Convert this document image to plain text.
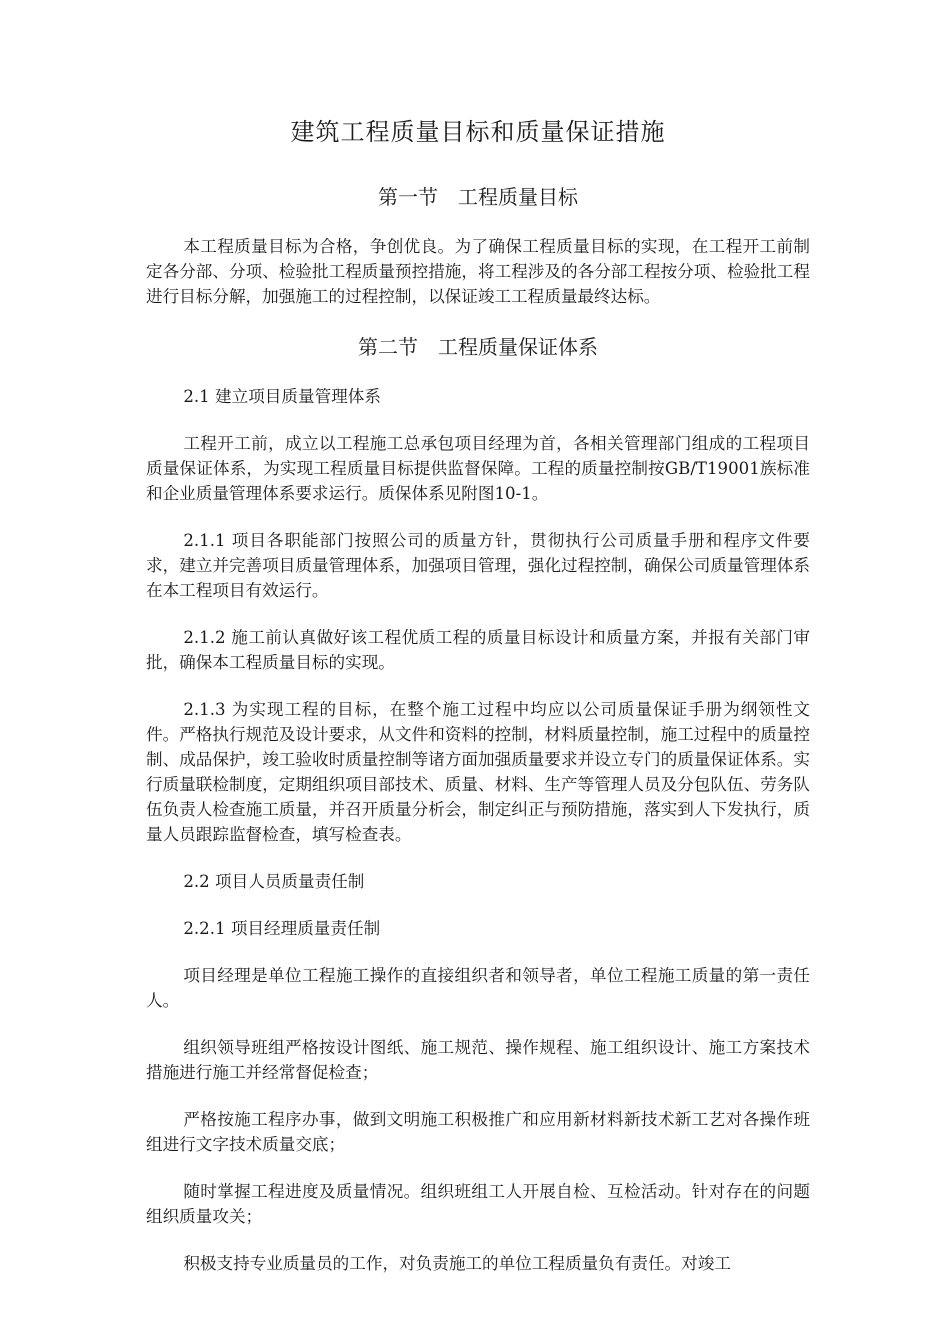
建筑工程质量目标和质量保证措施
第一节　工程质量目标

本工程质量目标为合格，争创优良。为了确保工程质量目标的实现，在工程开工前制定各分部、分项、检验批工程质量预控措施，将工程涉及的各分部工程按分项、检验批工程进行目标分解，加强施工的过程控制，以保证竣工工程质量最终达标。

第二节　工程质量保证体系

2.1 建立项目质量管理体系

工程开工前，成立以工程施工总承包项目经理为首，各相关管理部门组成的工程项目质量保证体系，为实现工程质量目标提供监督保障。工程的质量控制按GB/T19001族标准和企业质量管理体系要求运行。质保体系见附图10-1。

2.1.1 项目各职能部门按照公司的质量方针，贯彻执行公司质量手册和程序文件要求，建立并完善项目质量管理体系，加强项目管理，强化过程控制，确保公司质量管理体系在本工程项目有效运行。

2.1.2 施工前认真做好该工程优质工程的质量目标设计和质量方案，并报有关部门审批，确保本工程质量目标的实现。

2.1.3 为实现工程的目标，在整个施工过程中均应以公司质量保证手册为纲领性文件。严格执行规范及设计要求，从文件和资料的控制，材料质量控制，施工过程中的质量控制、成品保护，竣工验收时质量控制等诸方面加强质量要求并设立专门的质量保证体系。实行质量联检制度，定期组织项目部技术、质量、材料、生产等管理人员及分包队伍、劳务队伍负责人检查施工质量，并召开质量分析会，制定纠正与预防措施，落实到人下发执行，质量人员跟踪监督检查，填写检查表。

2.2 项目人员质量责任制

2.2.1 项目经理质量责任制

项目经理是单位工程施工操作的直接组织者和领导者，单位工程施工质量的第一责任人。

组织领导班组严格按设计图纸、施工规范、操作规程、施工组织设计、施工方案技术措施进行施工并经常督促检查；

严格按施工程序办事，做到文明施工积极推广和应用新材料新技术新工艺对各操作班组进行文字技术质量交底；

随时掌握工程进度及质量情况。组织班组工人开展自检、互检活动。针对存在的问题组织质量攻关；

积极支持专业质量员的工作，对负责施工的单位工程质量负有责任。对竣工
